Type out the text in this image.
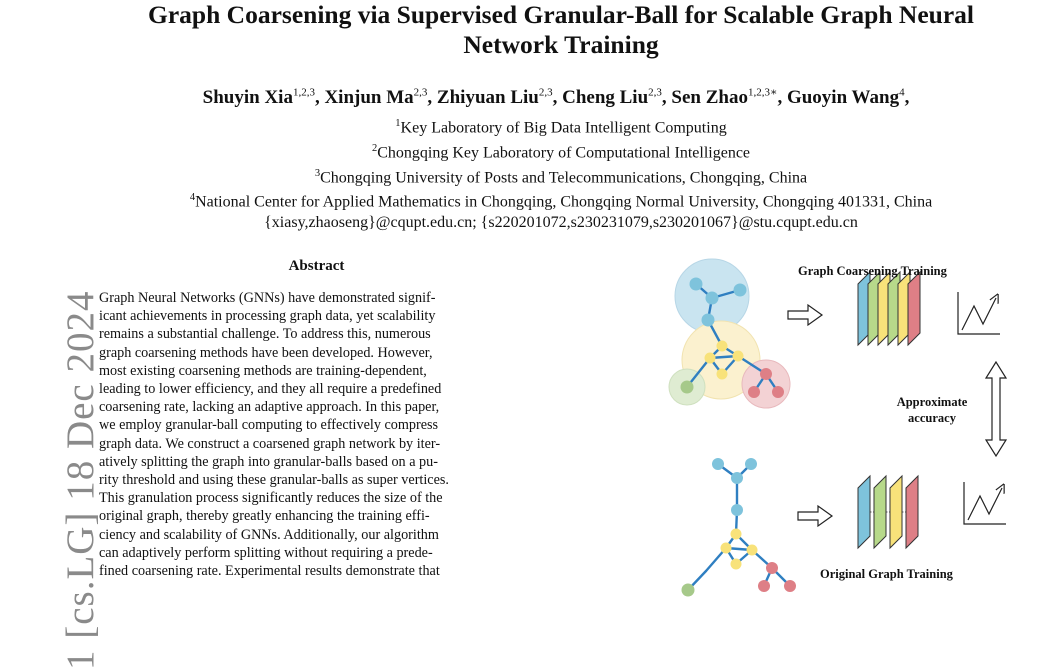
1 [cs.LG] 18 Dec 2024
Graph Coarsening via Supervised Granular-Ball for Scalable Graph Neural
Network Training
Shuyin Xia$^{1,2,3}$, Xinjun Ma$^{2,3}$, Zhiyuan Liu$^{2,3}$, Cheng Liu$^{2,3}$, Sen Zhao$^{1,2,3∗}$, Guoyin Wang$^4$,
$^1$Key Laboratory of Big Data Intelligent Computing
$^2$Chongqing Key Laboratory of Computational Intelligence
$^3$Chongqing University of Posts and Telecommunications, Chongqing, China
$^4$National Center for Applied Mathematics in Chongqing, Chongqing Normal University, Chongqing 401331, China
{xiasy,zhaoseng}@cqupt.edu.cn; {s220201072,s230231079,s230201067}@stu.cqupt.edu.cn
Abstract
Graph Neural Networks (GNNs) have demonstrated signif-
icant achievements in processing graph data, yet scalability
remains a substantial challenge. To address this, numerous
graph coarsening methods have been developed. However,
most existing coarsening methods are training-dependent,
leading to lower efficiency, and they all require a predefined
coarsening rate, lacking an adaptive approach. In this paper,
we employ granular-ball computing to effectively compress
graph data. We construct a coarsened graph network by iter-
atively splitting the graph into granular-balls based on a pu-
rity threshold and using these granular-balls as super vertices.
This granulation process significantly reduces the size of the
original graph, thereby greatly enhancing the training effi-
ciency and scalability of GNNs. Additionally, our algorithm
can adaptively perform splitting without requiring a prede-
fined coarsening rate. Experimental results demonstrate that
Graph Coarsening Training
Approximate
accuracy
Original Graph Training
